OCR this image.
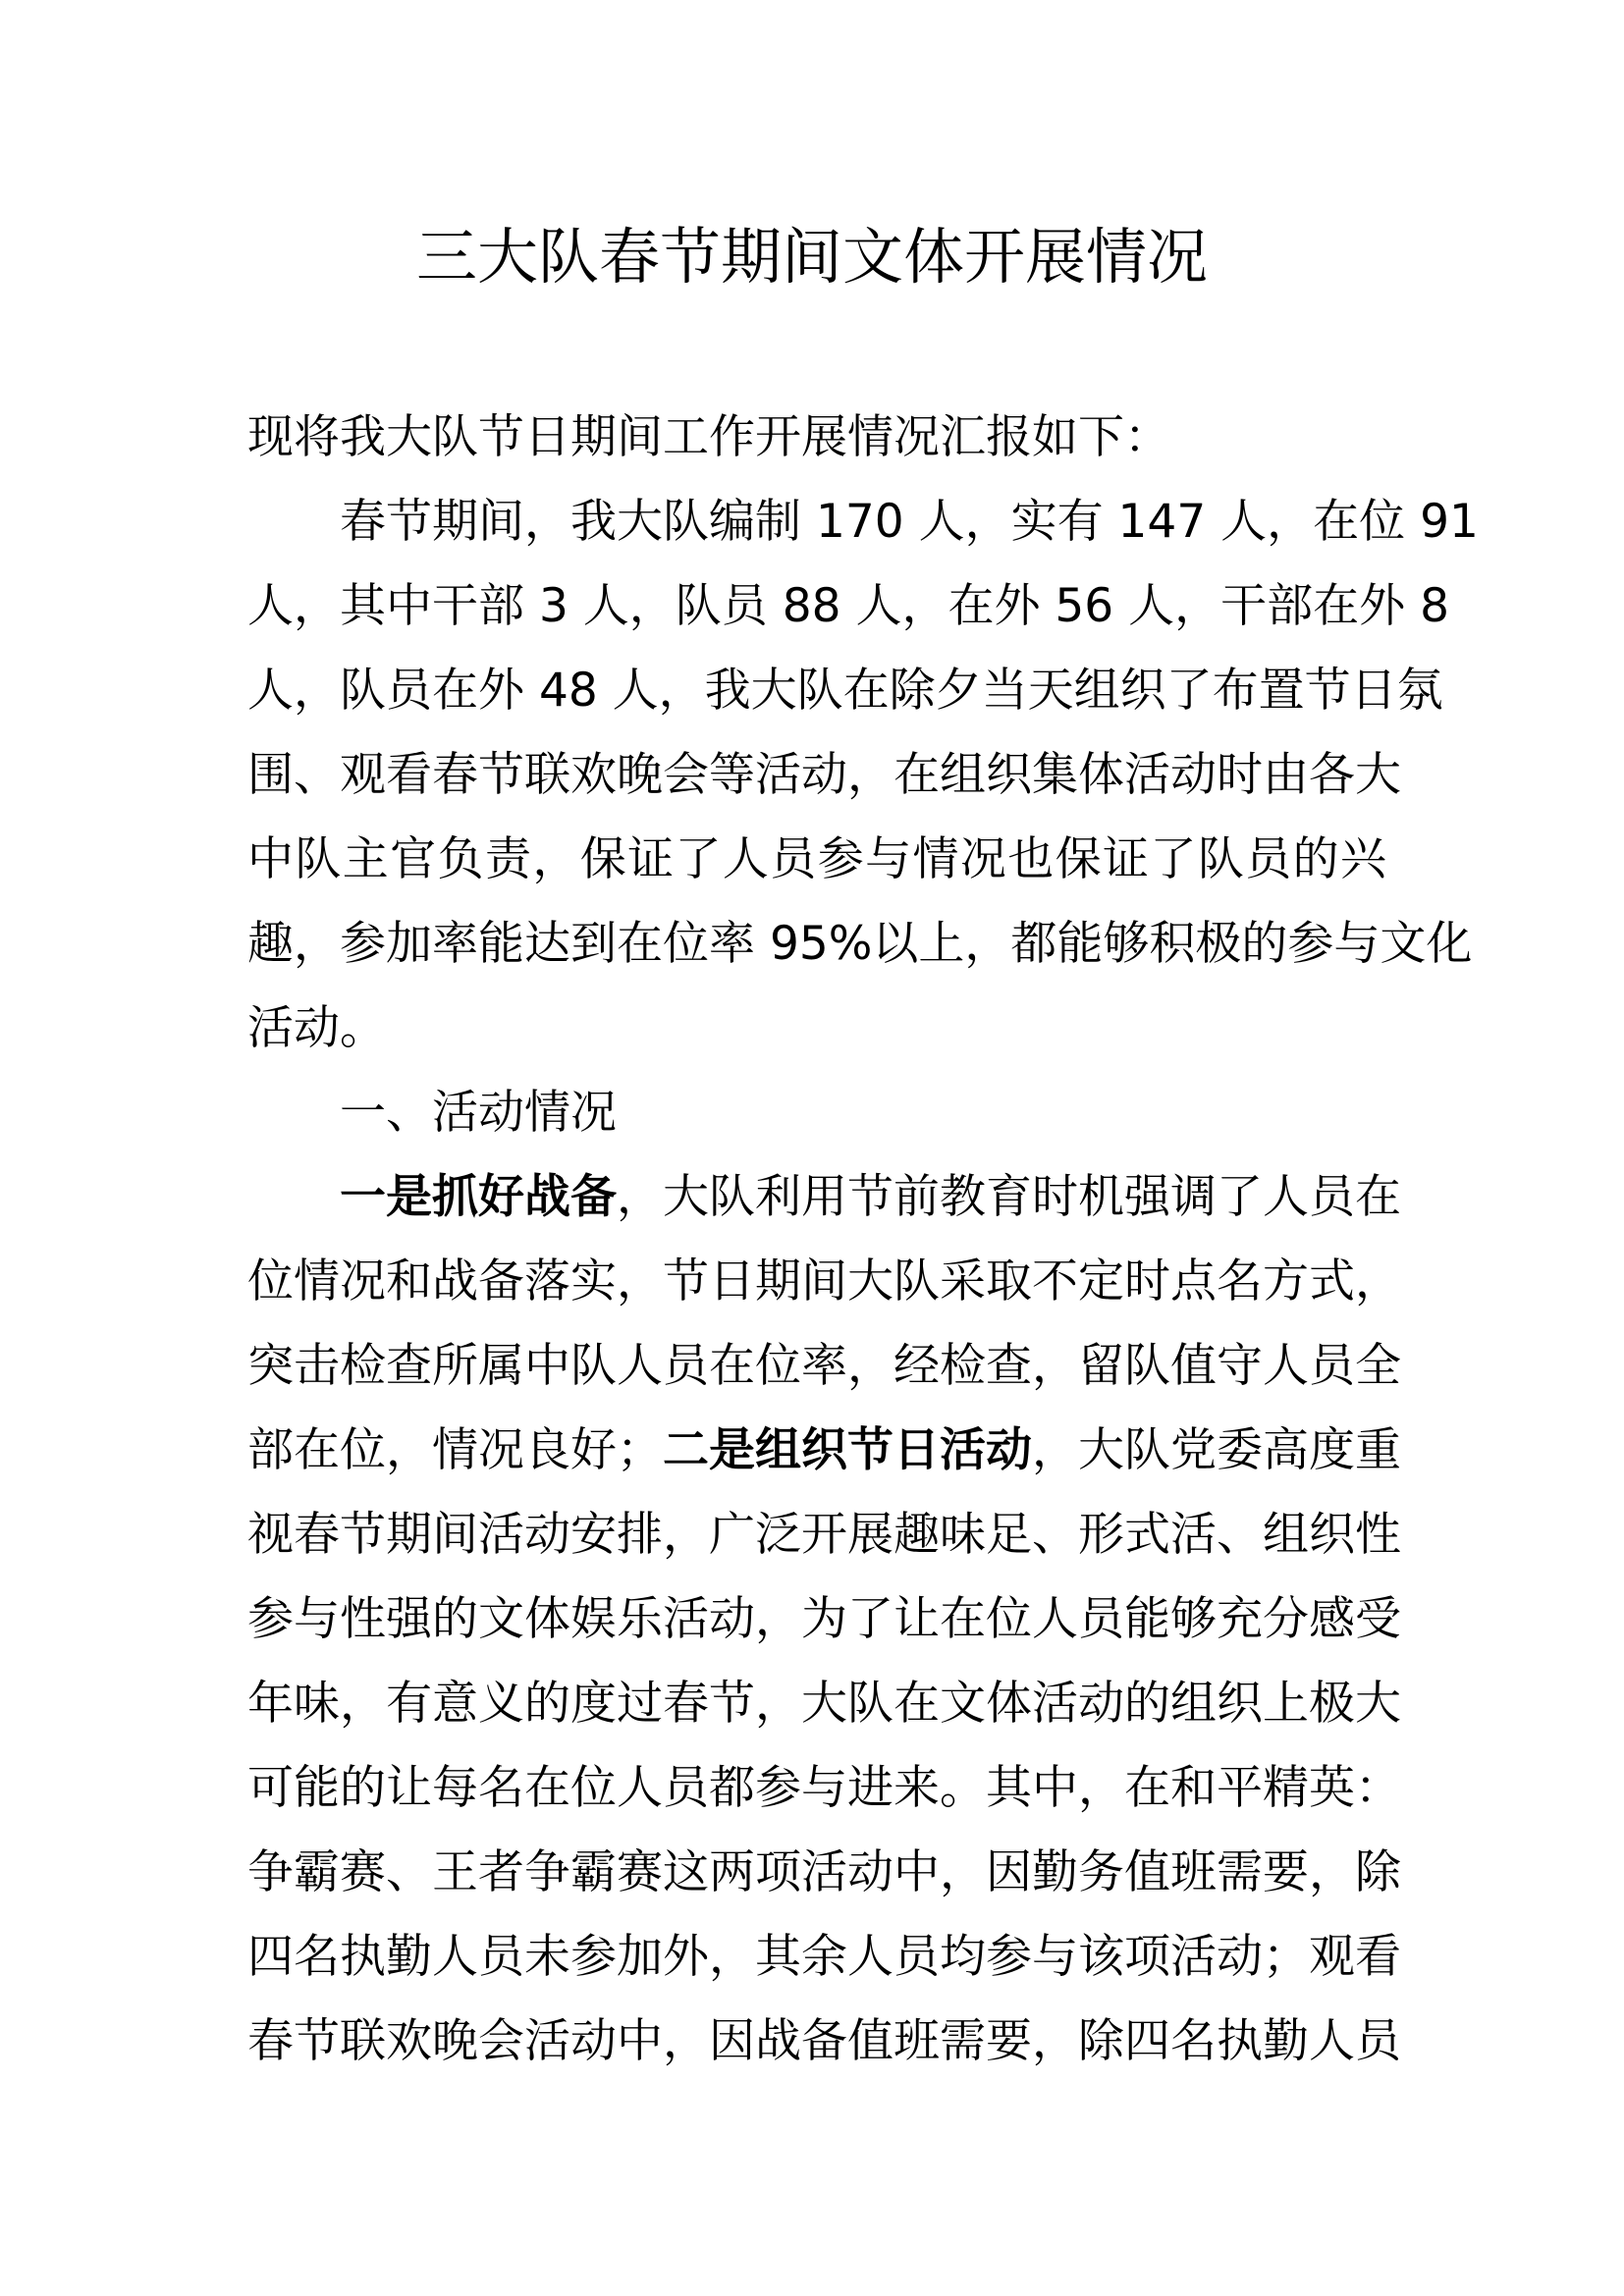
三大队春节期间文体开展情况
现将我大队节日期间工作开展情况汇报如下：
春节期间，我大队编制 170 人，实有 147 人，在位 91
人，其中干部 3 人，队员 88 人，在外 56 人，干部在外 8
人，队员在外 48 人，我大队在除夕当天组织了布置节日氛
围、观看春节联欢晚会等活动，在组织集体活动时由各大
中队主官负责，保证了人员参与情况也保证了队员的兴
趣，参加率能达到在位率 95%以上，都能够积极的参与文化
活动。
一、活动情况
一是抓好战备，大队利用节前教育时机强调了人员在
位情况和战备落实，节日期间大队采取不定时点名方式，
突击检查所属中队人员在位率，经检查，留队值守人员全
部在位，情况良好；二是组织节日活动，大队党委高度重
视春节期间活动安排，广泛开展趣味足、形式活、组织性
参与性强的文体娱乐活动，为了让在位人员能够充分感受
年味，有意义的度过春节，大队在文体活动的组织上极大
可能的让每名在位人员都参与进来。其中，在和平精英：
争霸赛、王者争霸赛这两项活动中，因勤务值班需要，除
四名执勤人员未参加外，其余人员均参与该项活动；观看
春节联欢晚会活动中，因战备值班需要，除四名执勤人员
